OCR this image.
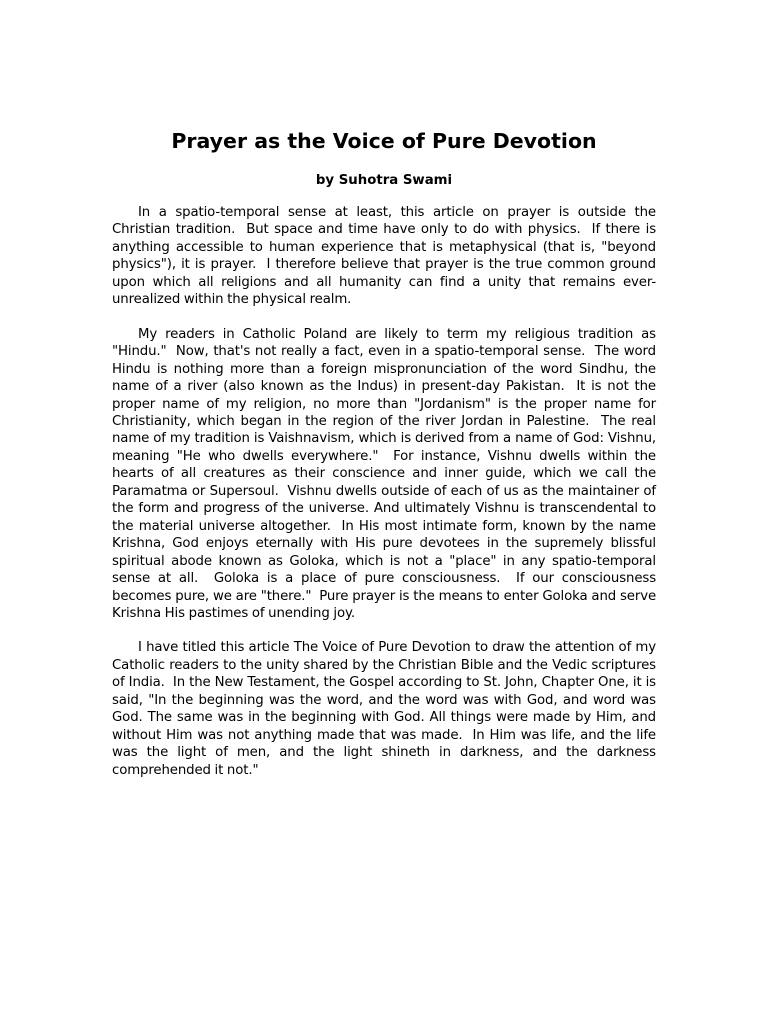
Prayer as the Voice of Pure Devotion
by Suhotra Swami

In a spatio-temporal sense at least, this article on prayer is outside the Christian tradition.  But space and time have only to do with physics.  If there is anything accessible to human experience that is metaphysical (that is, "beyond physics"), it is prayer.  I therefore believe that prayer is the true common ground upon which all religions and all humanity can find a unity that remains ever-unrealized within the physical realm.

My readers in Catholic Poland are likely to term my religious tradition as "Hindu."  Now, that's not really a fact, even in a spatio-temporal sense.  The word Hindu is nothing more than a foreign mispronunciation of the word Sindhu, the name of a river (also known as the Indus) in present-day Pakistan.  It is not the proper name of my religion, no more than "Jordanism" is the proper name for Christianity, which began in the region of the river Jordan in Palestine.  The real name of my tradition is Vaishnavism, which is derived from a name of God: Vishnu, meaning "He who dwells everywhere."  For instance, Vishnu dwells within the hearts of all creatures as their conscience and inner guide, which we call the Paramatma or Supersoul.  Vishnu dwells outside of each of us as the maintainer of the form and progress of the universe. And ultimately Vishnu is transcendental to the material universe altogether.  In His most intimate form, known by the name Krishna, God enjoys eternally with His pure devotees in the supremely blissful spiritual abode known as Goloka, which is not a "place" in any spatio-temporal sense at all.  Goloka is a place of pure consciousness.  If our consciousness becomes pure, we are "there."  Pure prayer is the means to enter Goloka and serve Krishna His pastimes of unending joy.

I have titled this article The Voice of Pure Devotion to draw the attention of my Catholic readers to the unity shared by the Christian Bible and the Vedic scriptures of India.  In the New Testament, the Gospel according to St. John, Chapter One, it is said, "In the beginning was the word, and the word was with God, and word was God. The same was in the beginning with God. All things were made by Him, and without Him was not anything made that was made.  In Him was life, and the life was the light of men, and the light shineth in darkness, and the darkness comprehended it not."
